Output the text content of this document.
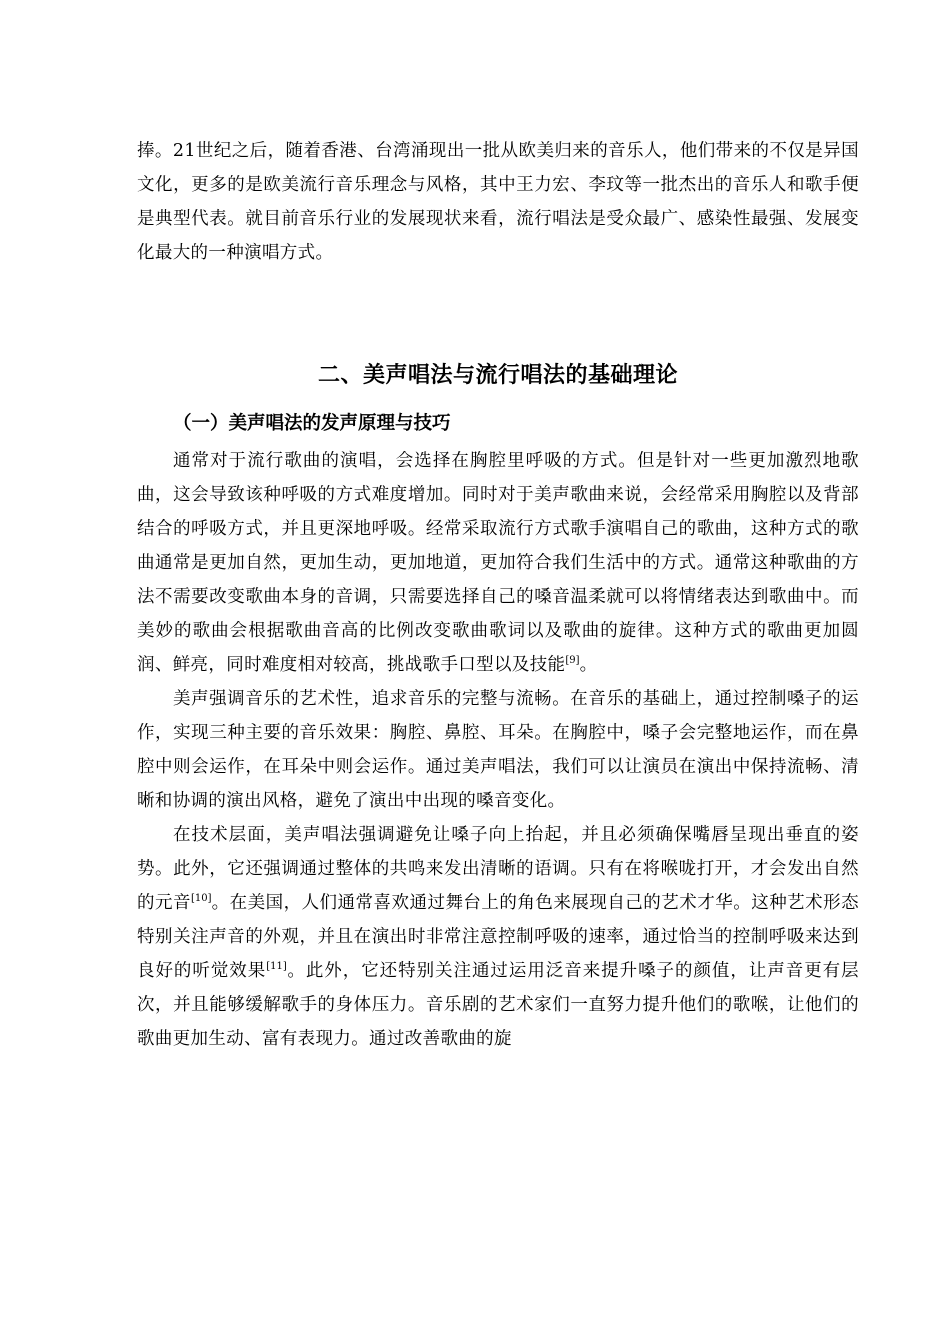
捧。21世纪之后，随着香港、台湾涌现出一批从欧美归来的音乐人，他们带来的不仅是异国文化，更多的是欧美流行音乐理念与风格，其中王力宏、李玟等一批杰出的音乐人和歌手便是典型代表。就目前音乐行业的发展现状来看，流行唱法是受众最广、感染性最强、发展变化最大的一种演唱方式。

二、美声唱法与流行唱法的基础理论
（一）美声唱法的发声原理与技巧

通常对于流行歌曲的演唱，会选择在胸腔里呼吸的方式。但是针对一些更加激烈地歌曲，这会导致该种呼吸的方式难度增加。同时对于美声歌曲来说，会经常采用胸腔以及背部结合的呼吸方式，并且更深地呼吸。经常采取流行方式歌手演唱自己的歌曲，这种方式的歌曲通常是更加自然，更加生动，更加地道，更加符合我们生活中的方式。通常这种歌曲的方法不需要改变歌曲本身的音调，只需要选择自己的嗓音温柔就可以将情绪表达到歌曲中。而美妙的歌曲会根据歌曲音高的比例改变歌曲歌词以及歌曲的旋律。这种方式的歌曲更加圆润、鲜亮，同时难度相对较高，挑战歌手口型以及技能[9]。

美声强调音乐的艺术性，追求音乐的完整与流畅。在音乐的基础上，通过控制嗓子的运作，实现三种主要的音乐效果：胸腔、鼻腔、耳朵。在胸腔中，嗓子会完整地运作，而在鼻腔中则会运作，在耳朵中则会运作。通过美声唱法，我们可以让演员在演出中保持流畅、清晰和协调的演出风格，避免了演出中出现的嗓音变化。

在技术层面，美声唱法强调避免让嗓子向上抬起，并且必须确保嘴唇呈现出垂直的姿势。此外，它还强调通过整体的共鸣来发出清晰的语调。只有在将喉咙打开，才会发出自然的元音[10]。在美国，人们通常喜欢通过舞台上的角色来展现自己的艺术才华。这种艺术形态特别关注声音的外观，并且在演出时非常注意控制呼吸的速率，通过恰当的控制呼吸来达到良好的听觉效果[11]。此外，它还特别关注通过运用泛音来提升嗓子的颜值，让声音更有层次，并且能够缓解歌手的身体压力。音乐剧的艺术家们一直努力提升他们的歌喉，让他们的歌曲更加生动、富有表现力。通过改善歌曲的旋
